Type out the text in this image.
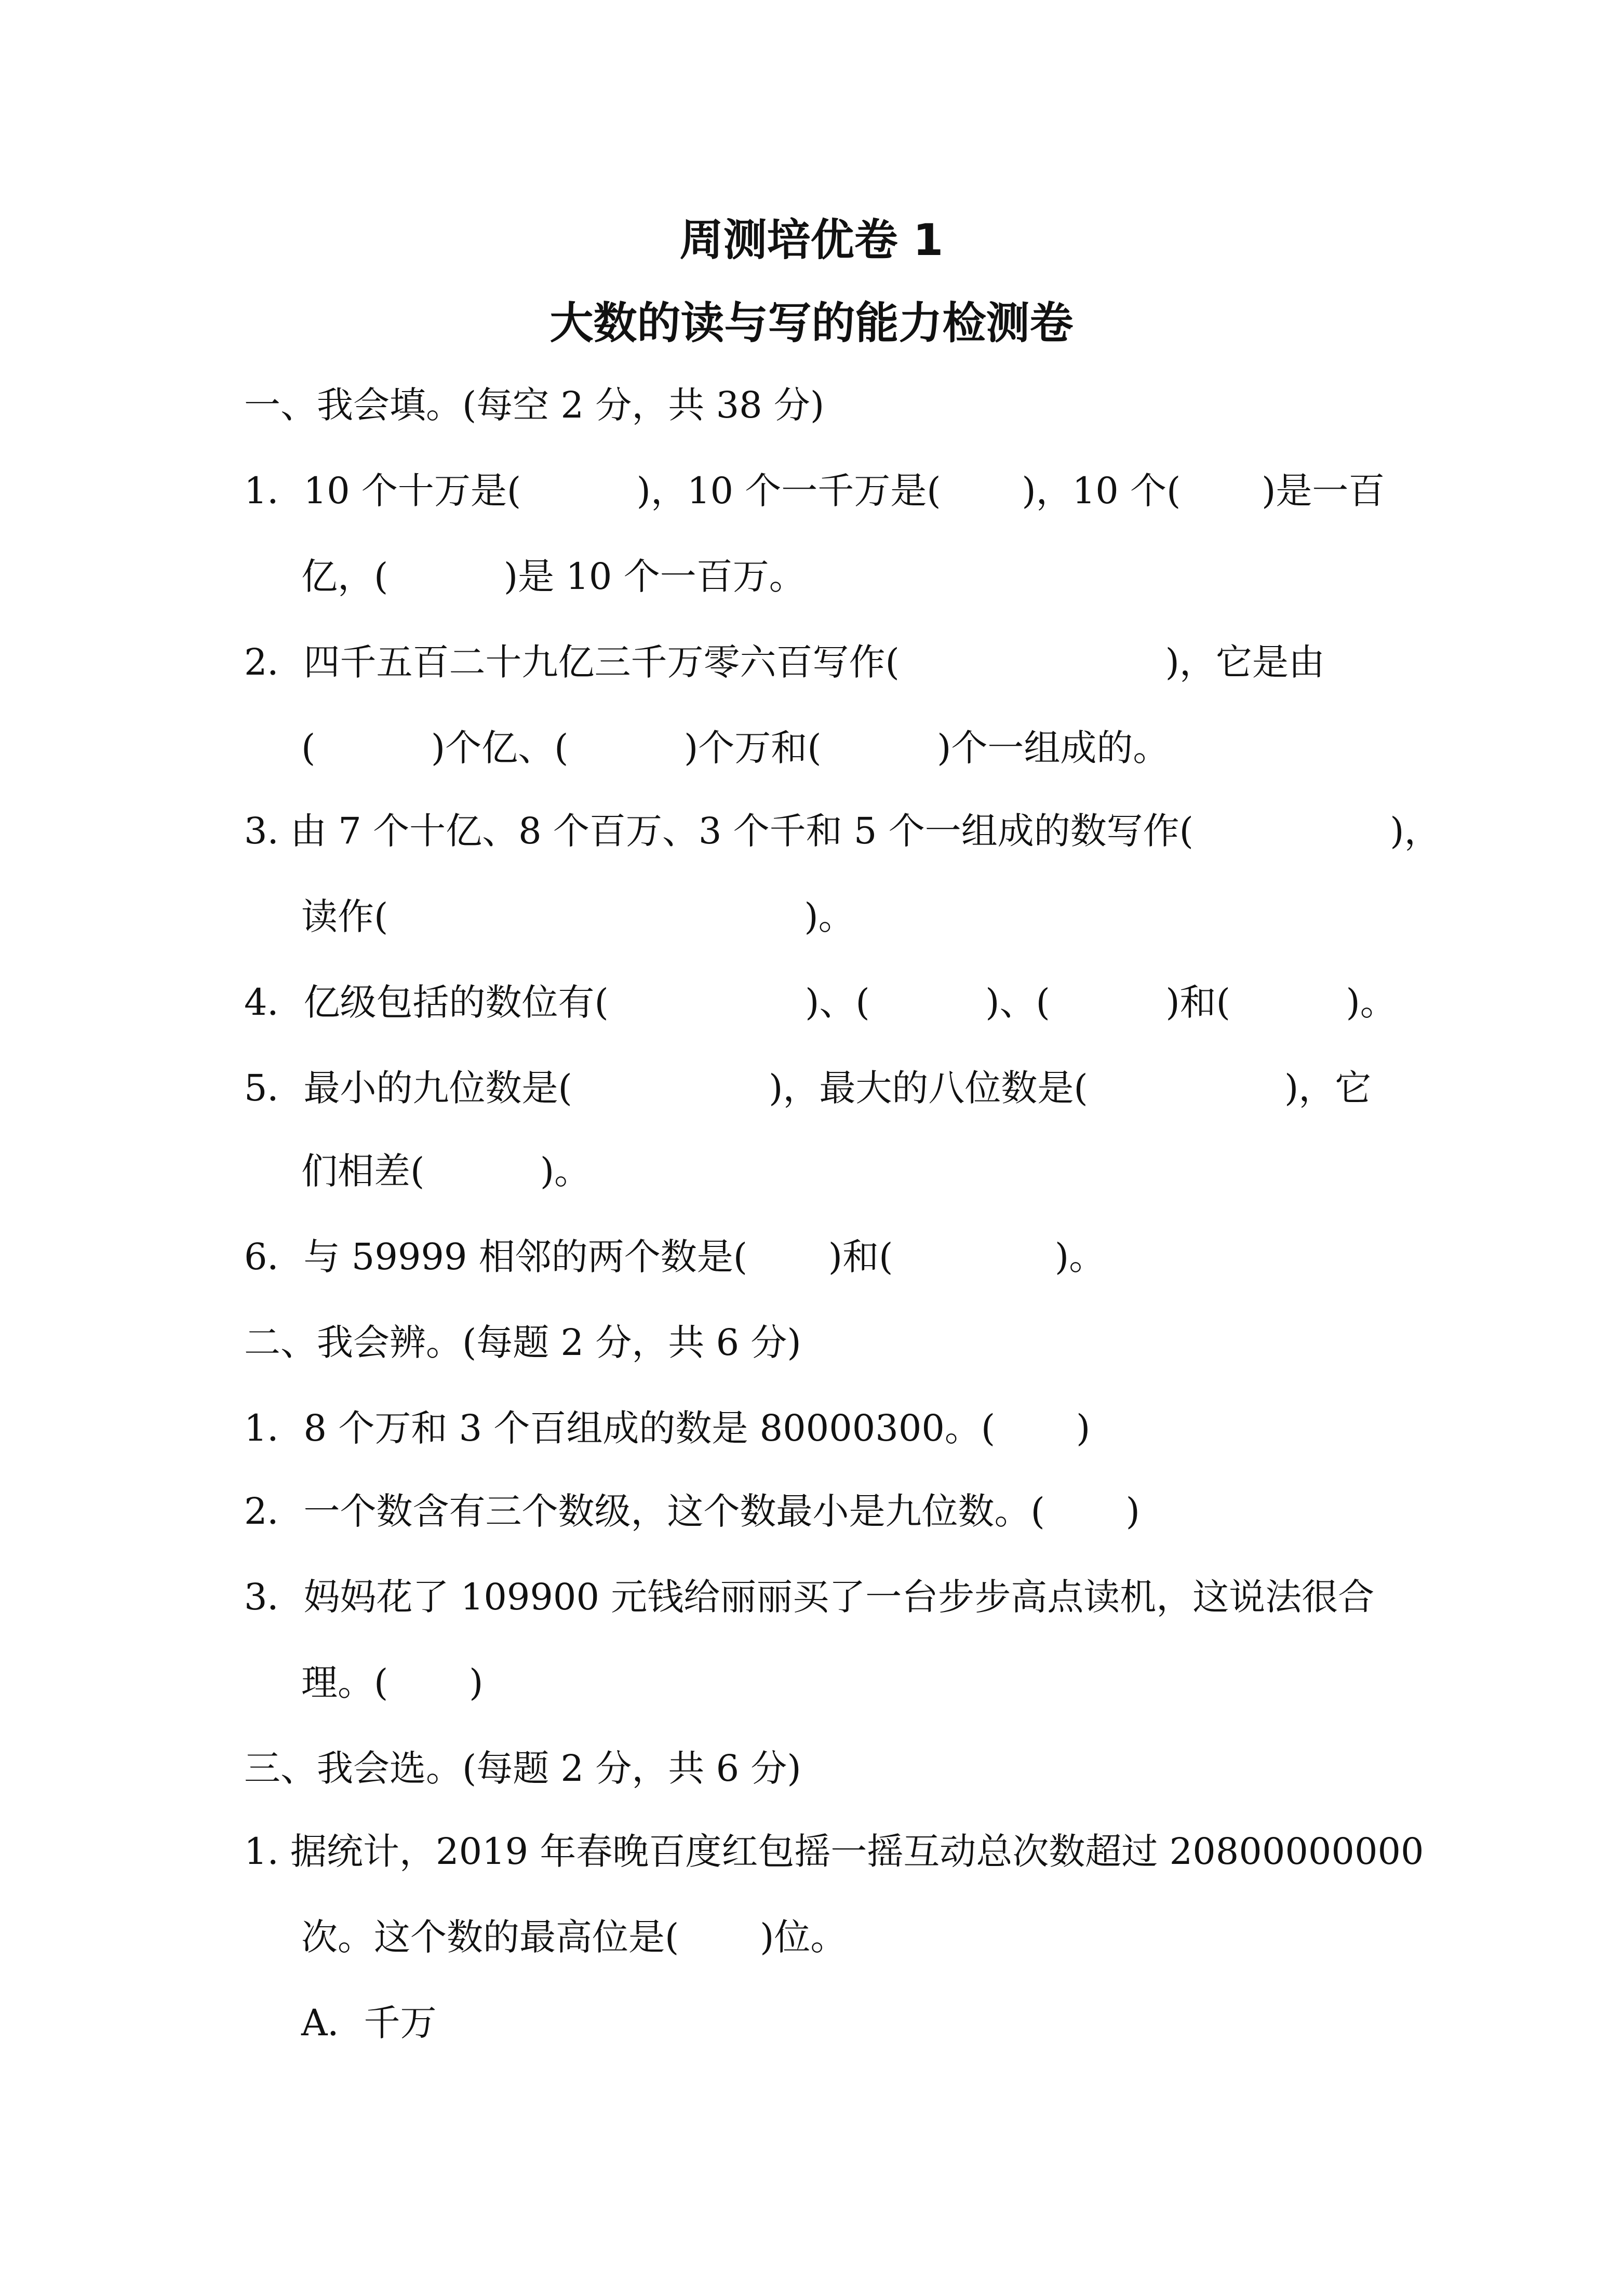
周测培优卷 1
大数的读与写的能力检测卷
一、我会填。(每空 2 分，共 38 分)
1．10 个十万是(          )，10 个一千万是(       )，10 个(       )是一百
亿，(          )是 10 个一百万。
2．四千五百二十九亿三千万零六百写作(                       )，它是由
(          )个亿、(          )个万和(          )个一组成的。
3. 由 7 个十亿、8 个百万、3 个千和 5 个一组成的数写作(                 )，
读作(                                    )。
4．亿级包括的数位有(                 )、(          )、(          )和(          )。
5．最小的九位数是(                 )，最大的八位数是(                 )，它
们相差(          )。
6．与 59999 相邻的两个数是(       )和(              )。
二、我会辨。(每题 2 分，共 6 分)
1．8 个万和 3 个百组成的数是 80000300。(       )
2．一个数含有三个数级，这个数最小是九位数。(       )
3．妈妈花了 109900 元钱给丽丽买了一台步步高点读机，这说法很合
理。(       )
三、我会选。(每题 2 分，共 6 分)
1. 据统计，2019 年春晚百度红包摇一摇互动总次数超过 20800000000
次。这个数的最高位是(       )位。
A．千万
